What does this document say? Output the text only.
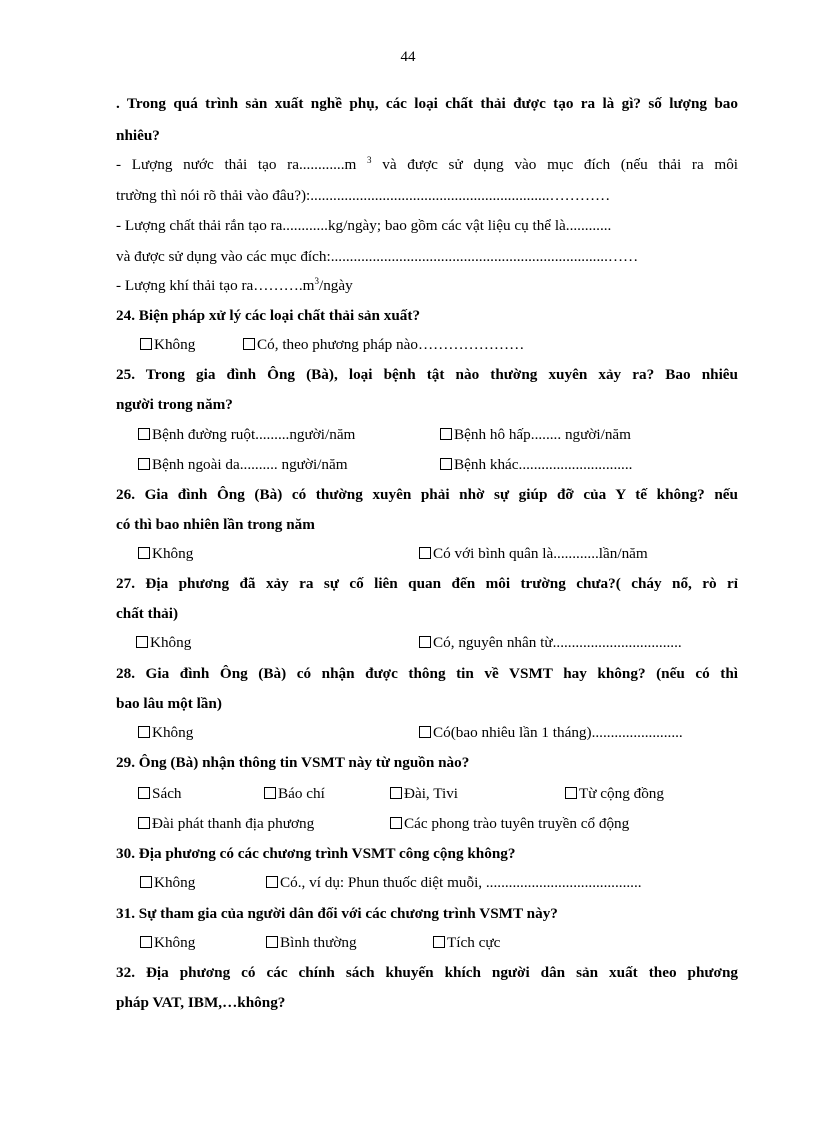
44
. Trong quá trình sản xuất nghề phụ, các loại chất thải được tạo ra là gì? số lượng bao
nhiêu?
- Lượng nước thải tạo ra............m $^3$ và được sử dụng vào mục đích (nếu thải ra môi
trường thì nói rõ thải vào đâu?):...............................................................…………
- Lượng chất thải rắn tạo ra............kg/ngày; bao gồm các vật liệu cụ thể là............
và được sử dụng vào các mục đích:.........................................................................……
- Lượng khí thải tạo $ra\dots\dots\dots.m^3$/ngày
24. Biện pháp xử lý các loại chất thải sản xuất?
Không	Có, theo phương pháp nào…………………
25. Trong gia đình Ông (Bà), loại bệnh tật nào thường xuyên xảy ra? Bao nhiêu
người trong năm?
Bệnh đường ruột.........người/năm	Bệnh hô hấp........ người/năm
Bệnh ngoài da.......... người/năm	Bệnh khác..............................
26. Gia đình Ông (Bà) có thường xuyên phải nhờ sự giúp đỡ của Y tế không? nếu
có thì bao nhiên lần trong năm
Không	Có với bình quân là............lần/năm
27. Địa phương đã xảy ra sự cố liên quan đến môi trường chưa?( cháy nổ, rò rỉ
chất thải)
Không	Có, nguyên nhân từ..................................
28. Gia đình Ông (Bà) có nhận được thông tin về VSMT hay không? (nếu có thì
bao lâu một lần)
Không	Có(bao nhiêu lần 1 tháng)........................
29. Ông (Bà) nhận thông tin VSMT này từ nguồn nào?
Sách	Báo chí	Đài, Tivi	Từ cộng đồng
Đài phát thanh địa phương	Các phong trào tuyên truyền cổ động
30. Địa phương có các chương trình VSMT công cộng không?
Không	Có., ví dụ: Phun thuốc diệt muỗi, .........................................
31. Sự tham gia của người dân đối với các chương trình VSMT này?
Không	Bình thường	Tích cực
32. Địa phương có các chính sách khuyến khích người dân sản xuất theo phương
pháp VAT, IBM,…không?
